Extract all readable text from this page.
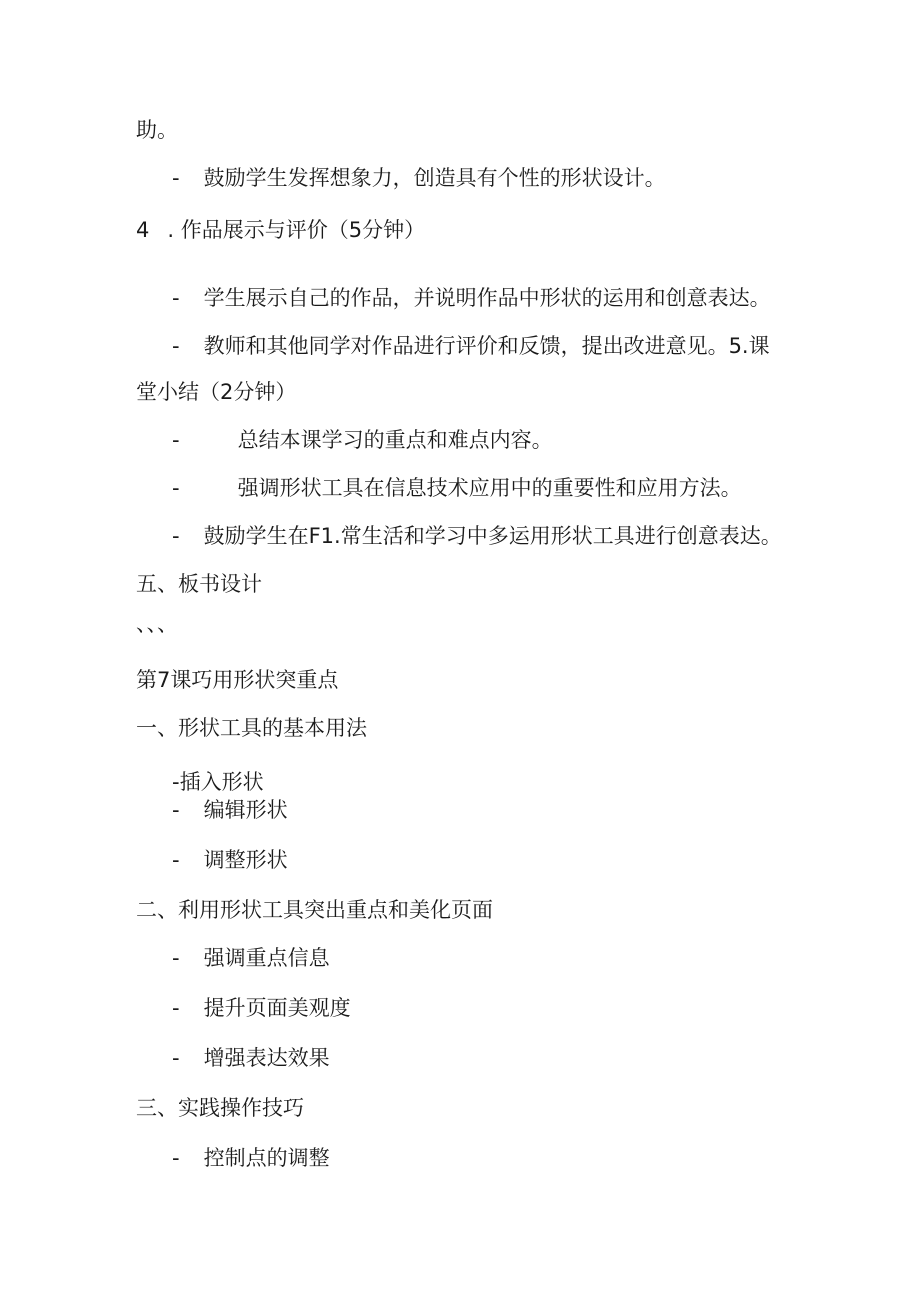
助。
- 鼓励学生发挥想象力，创造具有个性的形状设计。
4 . 作品展示与评价（5分钟）
- 学生展示自己的作品，并说明作品中形状的运用和创意表达。
- 教师和其他同学对作品进行评价和反馈，提出改进意见。5.课
堂小结（2分钟）
-	总结本课学习的重点和难点内容。
-	强调形状工具在信息技术应用中的重要性和应用方法。
- 鼓励学生在F1.常生活和学习中多运用形状工具进行创意表达。
五、板书设计
、、、
第7课巧用形状突重点
一、形状工具的基本用法
-插入形状
- 编辑形状
- 调整形状
二、利用形状工具突出重点和美化页面
- 强调重点信息
- 提升页面美观度
- 增强表达效果
三、实践操作技巧
- 控制点的调整
